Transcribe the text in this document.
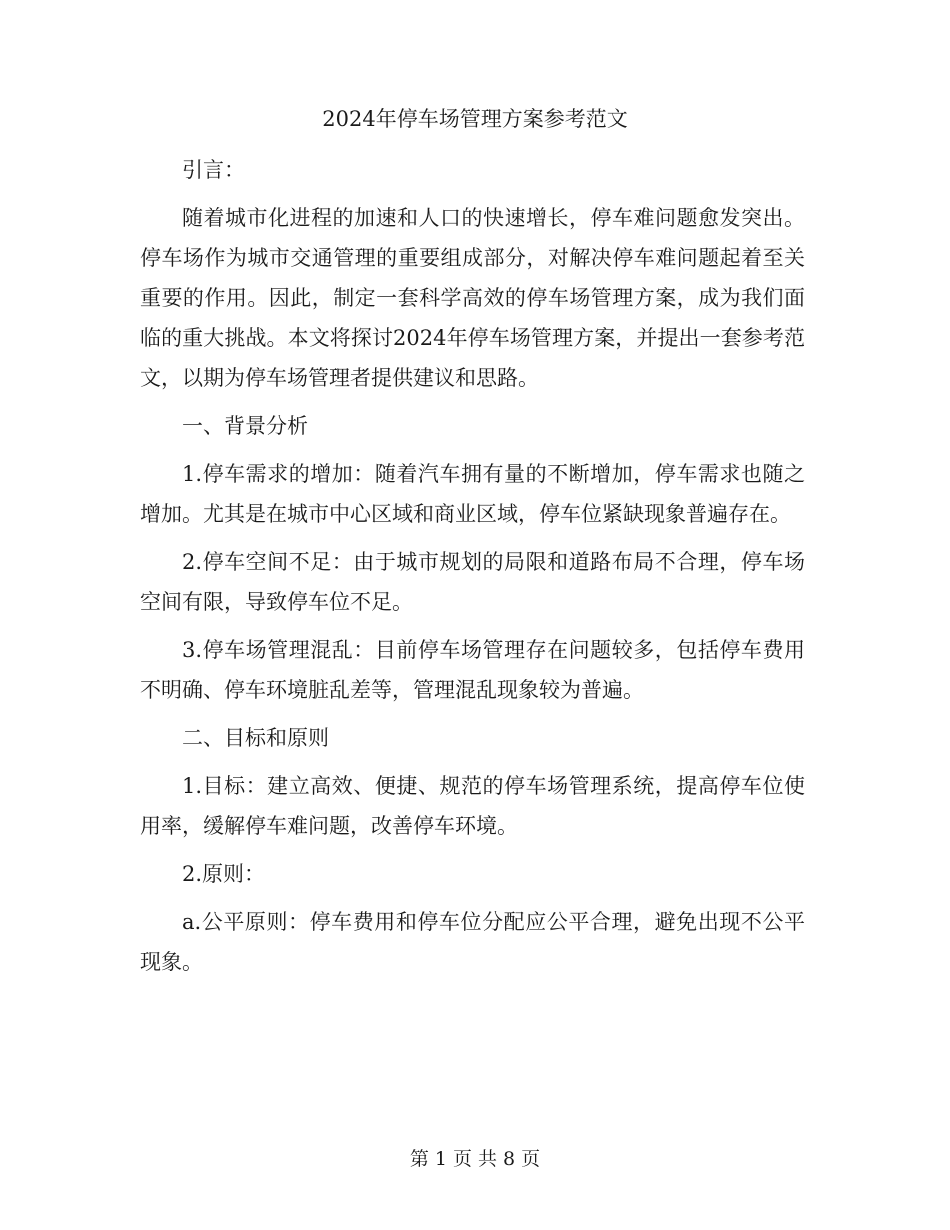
2024年停车场管理方案参考范文

引言：

随着城市化进程的加速和人口的快速增长，停车难问题愈发突出。停车场作为城市交通管理的重要组成部分，对解决停车难问题起着至关重要的作用。因此，制定一套科学高效的停车场管理方案，成为我们面临的重大挑战。本文将探讨2024年停车场管理方案，并提出一套参考范文，以期为停车场管理者提供建议和思路。

一、背景分析

1.停车需求的增加：随着汽车拥有量的不断增加，停车需求也随之增加。尤其是在城市中心区域和商业区域，停车位紧缺现象普遍存在。

2.停车空间不足：由于城市规划的局限和道路布局不合理，停车场空间有限，导致停车位不足。

3.停车场管理混乱：目前停车场管理存在问题较多，包括停车费用不明确、停车环境脏乱差等，管理混乱现象较为普遍。

二、目标和原则

1.目标：建立高效、便捷、规范的停车场管理系统，提高停车位使用率，缓解停车难问题，改善停车环境。

2.原则：

a.公平原则：停车费用和停车位分配应公平合理，避免出现不公平现象。

第 1 页 共 8 页
